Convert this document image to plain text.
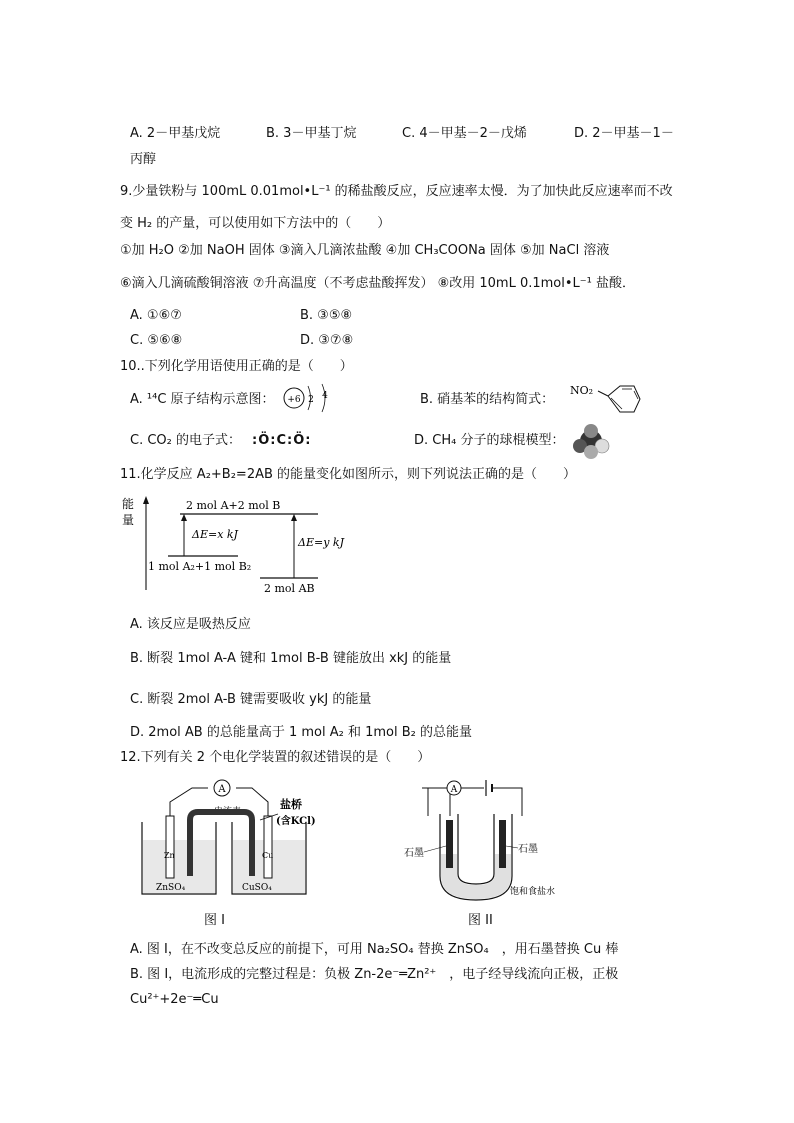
A. 2－甲基戊烷	B. 3－甲基丁烷	C. 4－甲基－2－戊烯	D. 2－甲基－1－
丙醇
9.少量铁粉与 100mL 0.01mol•L⁻¹ 的稀盐酸反应，反应速率太慢．为了加快此反应速率而不改
变 H₂ 的产量，可以使用如下方法中的（　　）
①加 H₂O ②加 NaOH 固体 ③滴入几滴浓盐酸 ④加 CH₃COONa 固体 ⑤加 NaCl 溶液
⑥滴入几滴硫酸铜溶液 ⑦升高温度（不考虑盐酸挥发） ⑧改用 10mL 0.1mol•L⁻¹ 盐酸．
A. ①⑥⑦	B. ③⑤⑧
C. ⑤⑥⑧	D. ③⑦⑧
10..下列化学用语使用正确的是（　　）
A. ¹⁴C 原子结构示意图： +6 2 4	B. 硝基苯的结构简式：
NO₂
C. CO₂ 的电子式： :Ö:C:Ö:	D. CH₄ 分子的球棍模型：
11.化学反应 A₂+B₂=2AB 的能量变化如图所示，则下列说法正确的是（　　）
能
量
2 mol A+2 mol B
1 mol A₂+1 mol B₂
2 mol AB
ΔE=x kJ
ΔE=y kJ
A. 该反应是吸热反应
B. 断裂 1mol A-A 键和 1mol B-B 键能放出 xkJ 的能量
C. 断裂 2mol A-B 键需要吸收 ykJ 的能量
D. 2mol AB 的总能量高于 1 mol A₂ 和 1mol B₂ 的总能量
12.下列有关 2 个电化学装置的叙述错误的是（　　）
A
电流表
Zn
ZnSO₄
Cu
CuSO₄
盐桥
(含KCl)
图 I
A
石墨	石墨
饱和食盐水
图 II
A. 图 I，在不改变总反应的前提下，可用 Na₂SO₄ 替换 ZnSO₄　，用石墨替换 Cu 棒
B. 图 I，电流形成的完整过程是：负极 Zn-2e⁻═Zn²⁺　，电子经导线流向正极，正极
Cu²⁺+2e⁻═Cu
